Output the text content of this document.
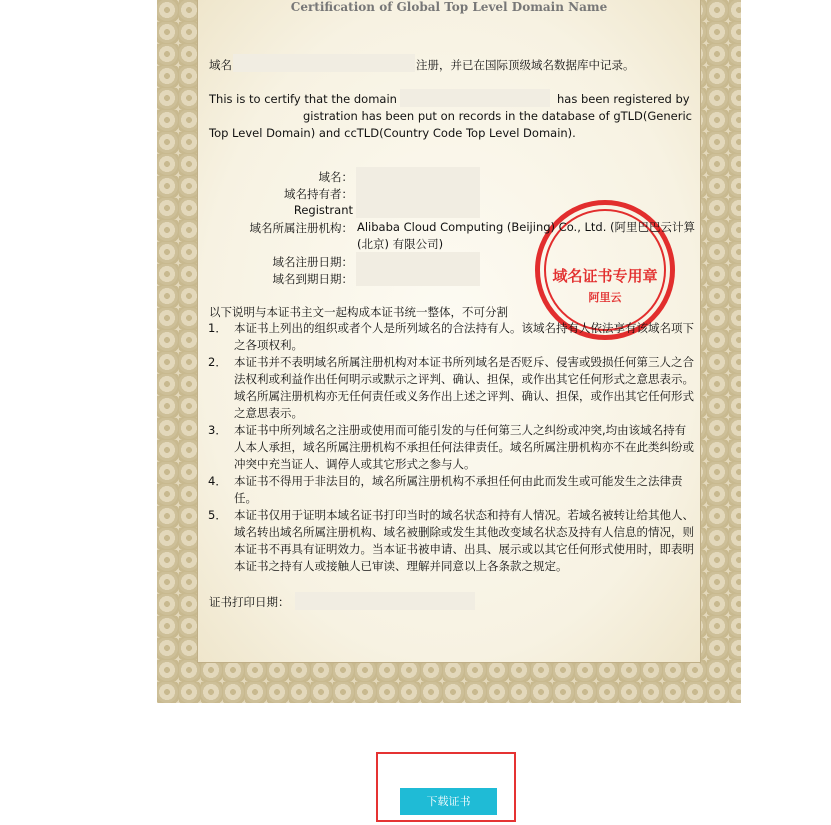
Certification of Global Top Level Domain Name
域名证书专用章
阿里云
域名	注册，并已在国际顶级域名数据库中记录。
This is to certify that the domain	has been registered by
gistration has been put on records in the database of gTLD(Generic
Top Level Domain) and ccTLD(Country Code Top Level Domain).
域名：
域名持有者：
Registrant
域名所属注册机构： Alibaba Cloud Computing (Beijing) Co., Ltd. (阿里巴巴云计算(北京) 有限公司)
域名注册日期：
域名到期日期：
以下说明与本证书主文一起构成本证书统一整体，不可分割
1． 本证书上列出的组织或者个人是所列域名的合法持有人。该域名持有人依法享有该域名项下之各项权利。
2． 本证书并不表明域名所属注册机构对本证书所列域名是否贬斥、侵害或毁损任何第三人之合法权利或利益作出任何明示或默示之评判、确认、担保，或作出其它任何形式之意思表示。域名所属注册机构亦无任何责任或义务作出上述之评判、确认、担保，或作出其它任何形式之意思表示。
3． 本证书中所列域名之注册或使用而可能引发的与任何第三人之纠纷或冲突,均由该域名持有人本人承担，域名所属注册机构不承担任何法律责任。域名所属注册机构亦不在此类纠纷或冲突中充当证人、调停人或其它形式之参与人。
4． 本证书不得用于非法目的，域名所属注册机构不承担任何由此而发生或可能发生之法律责任。
5． 本证书仅用于证明本域名证书打印当时的域名状态和持有人情况。若域名被转让给其他人、域名转出域名所属注册机构、域名被删除或发生其他改变域名状态及持有人信息的情况，则本证书不再具有证明效力。当本证书被申请、出具、展示或以其它任何形式使用时，即表明本证书之持有人或接触人已审读、理解并同意以上各条款之规定。
证书打印日期：
下载证书
